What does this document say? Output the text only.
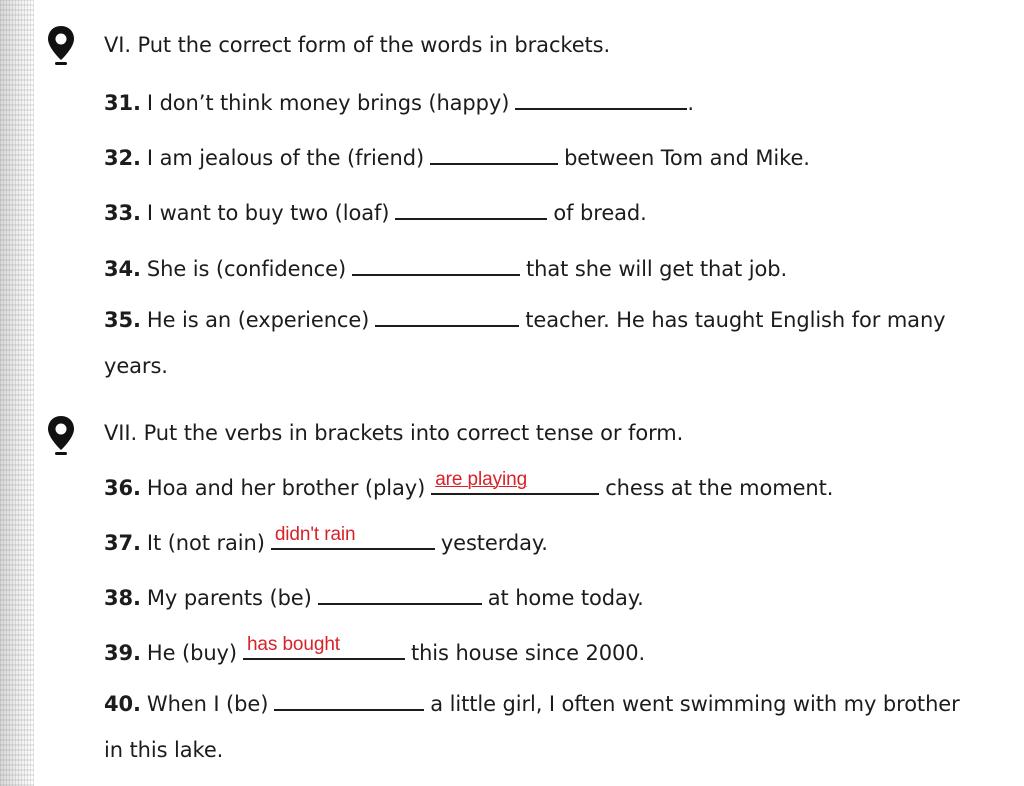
VI. Put the correct form of the words in brackets.

31. I don’t think money brings (happy)	.

32. I am jealous of the (friend)	between Tom and Mike.

33. I want to buy two (loaf)	of bread.

34. She is (confidence)	that she will get that job.

35. He is an (experience)	teacher. He has taught English for many years.

VII. Put the verbs in brackets into correct tense or form.

36. Hoa and her brother (play) are playing	chess at the moment.

37. It (not rain) didn't rain	yesterday.

38. My parents (be)	at home today.

39. He (buy) has bought	this house since 2000.

40. When I (be)	a little girl, I often went swimming with my brother in this lake.
